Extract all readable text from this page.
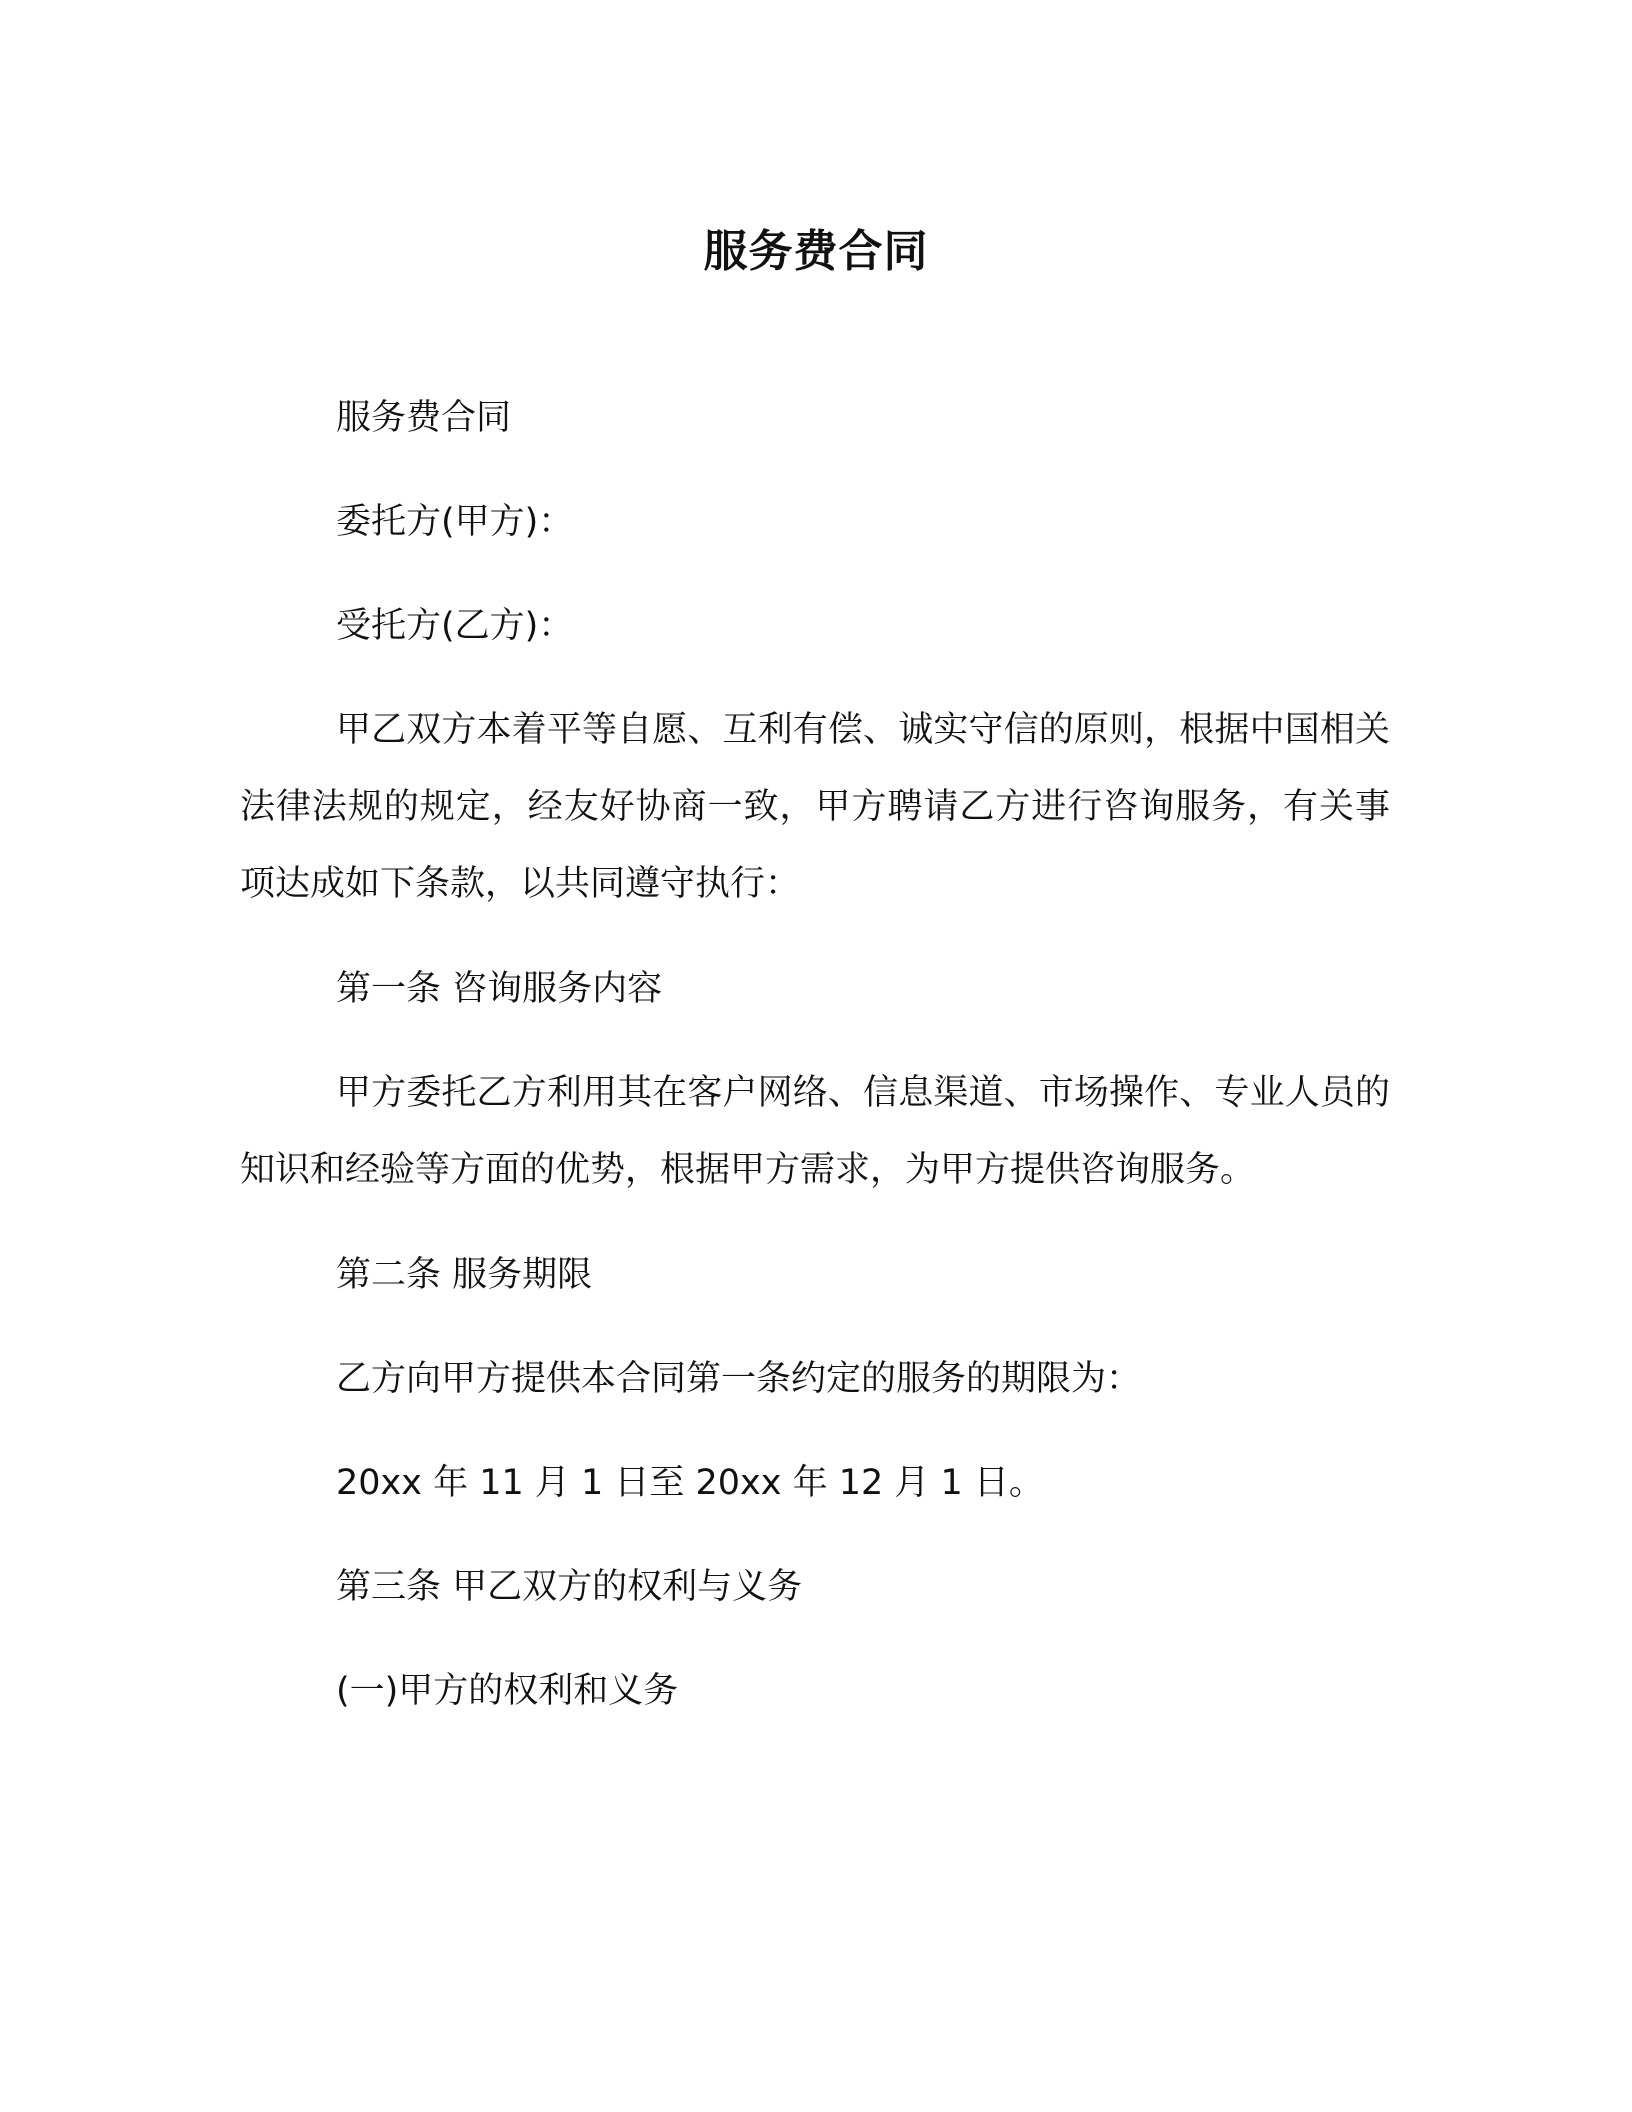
服务费合同

服务费合同

委托方(甲方)：

受托方(乙方)：

甲乙双方本着平等自愿、互利有偿、诚实守信的原则，根据中国相关法律法规的规定，经友好协商一致，甲方聘请乙方进行咨询服务，有关事项达成如下条款，以共同遵守执行：

第一条 咨询服务内容

甲方委托乙方利用其在客户网络、信息渠道、市场操作、专业人员的知识和经验等方面的优势，根据甲方需求，为甲方提供咨询服务。

第二条 服务期限

乙方向甲方提供本合同第一条约定的服务的期限为：

20xx 年 11 月 1 日至 20xx 年 12 月 1 日。

第三条 甲乙双方的权利与义务

(一)甲方的权利和义务
